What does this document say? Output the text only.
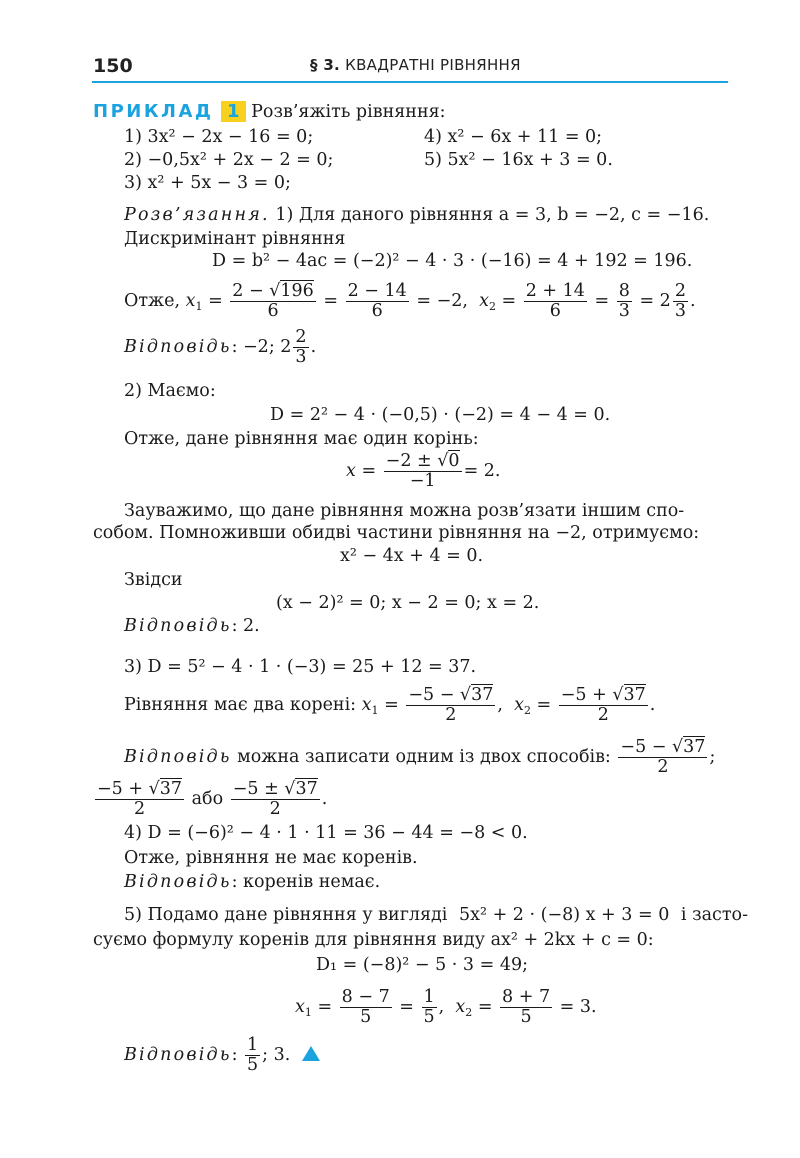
150	§ 3. КВАДРАТНІ РІВНЯННЯ
ПРИКЛАД 1 Розв’яжіть рівняння:
1) 3x² − 2x − 16 = 0;	4) x² − 6x + 11 = 0;
2) −0,5x² + 2x − 2 = 0;	5) 5x² − 16x + 3 = 0.
3) x² + 5x − 3 = 0;
Розв’язання. 1) Для даного рівняння a = 3, b = −2, c = −16.
Дискримінант рівняння
D = b² − 4ac = (−2)² − 4 · 3 · (−16) = 4 + 192 = 196.
Отже, $x_1 = \frac{2 - √196}{6} = \frac{2 - 14}{6} = -2$,  $x_2 = \frac{2 + 14}{6} = \frac{8}{3} = 2 \frac{2}{3}$ .
Відповідь: −2; $2 \frac{2}{3}$ .
2) Маємо:
D = 2² − 4 · (−0,5) · (−2) = 4 − 4 = 0.
Отже, дане рівняння має один корінь:
$x = \frac{-2 \pm √0}{-1} = 2$.
Зауважимо, що дане рівняння можна розв’язати іншим спо-
собом. Помноживши обидві частини рівняння на −2, отримуємо:
x² − 4x + 4 = 0.
Звідси
(x − 2)² = 0; x − 2 = 0; x = 2.
Відповідь: 2.
3) D = 5² − 4 · 1 · (−3) = 25 + 12 = 37.
Рівняння має два корені: $x_1 = \frac{-5 - √37}{2}$ ,  $x_2 = \frac{-5 + √37}{2}$ .
Відповідь можна записати одним із двох способів: $\frac{-5 - √37}{2}$ ;
$\frac{-5 + √37}{2}$ або $\frac{-5 \pm √37}{2}$ .
4) D = (−6)² − 4 · 1 · 11 = 36 − 44 = −8 < 0.
Отже, рівняння не має коренів.
Відповідь: коренів немає.
5) Подамо дане рівняння у вигляді 5x² + 2 · (−8) x + 3 = 0 і засто-
суємо формулу коренів для рівняння виду ax² + 2kx + c = 0:
D₁ = (−8)² − 5 · 3 = 49;
$x_1 = \frac{8 - 7}{5} = \frac{1}{5}$ ,  $x_2 = \frac{8 + 7}{5} = 3$.
Відповідь: $\frac{1}{5}$ ; 3.
